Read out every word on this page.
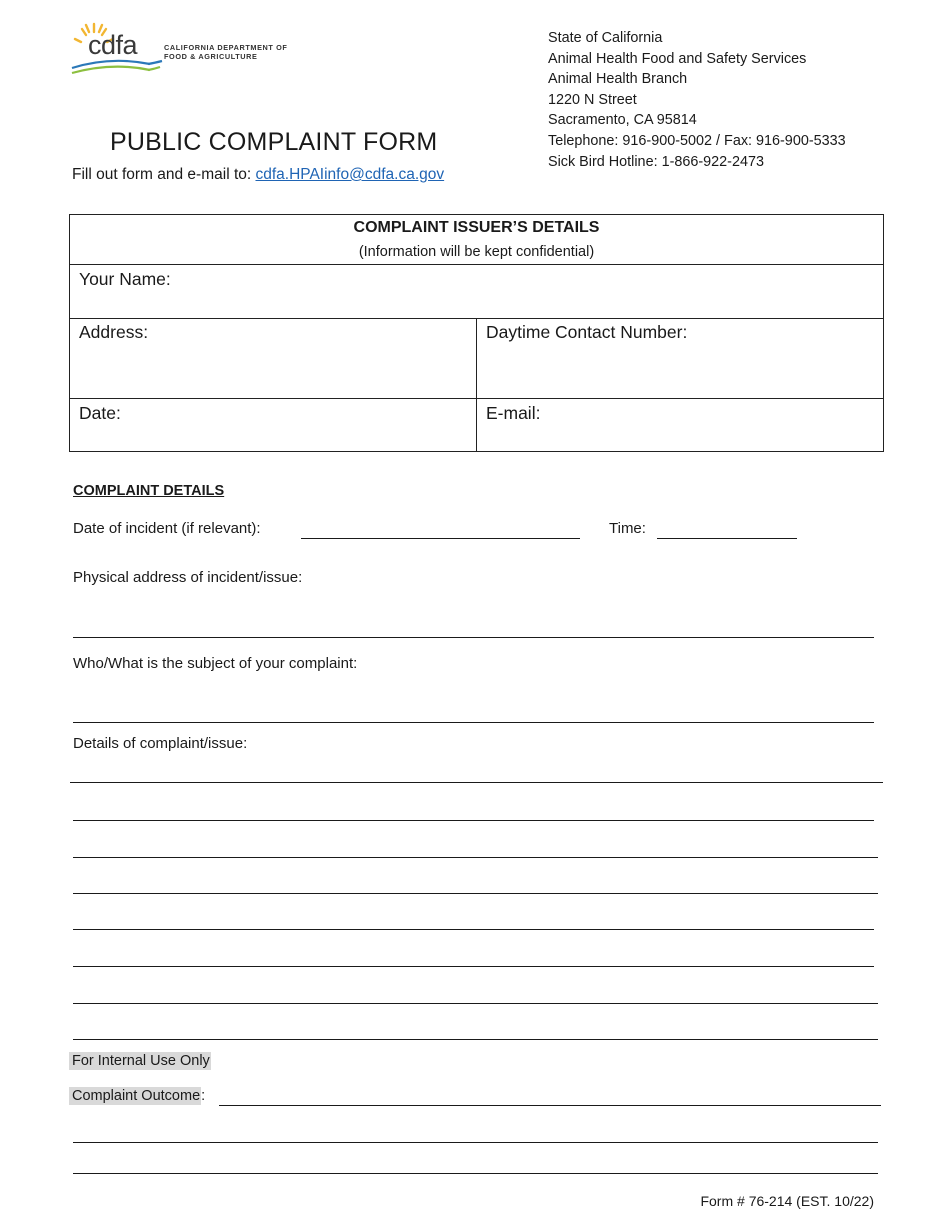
cdfa	CALIFORNIA DEPARTMENT OF
FOOD & AGRICULTURE
State of California
Animal Health Food and Safety Services
Animal Health Branch
1220 N Street
Sacramento, CA 95814
Telephone: 916-900-5002 / Fax: 916-900-5333
Sick Bird Hotline: 1-866-922-2473
PUBLIC COMPLAINT FORM
Fill out form and e-mail to: cdfa.HPAIinfo@cdfa.ca.gov
COMPLAINT ISSUER’S DETAILS
(Information will be kept confidential)
Your Name:
Address:	Daytime Contact Number:
Date:	E-mail:
COMPLAINT DETAILS
Date of incident (if relevant):	Time:
Physical address of incident/issue:
Who/What is the subject of your complaint:
Details of complaint/issue:
For Internal Use Only
Complaint Outcome:
Form # 76-214 (EST. 10/22)
